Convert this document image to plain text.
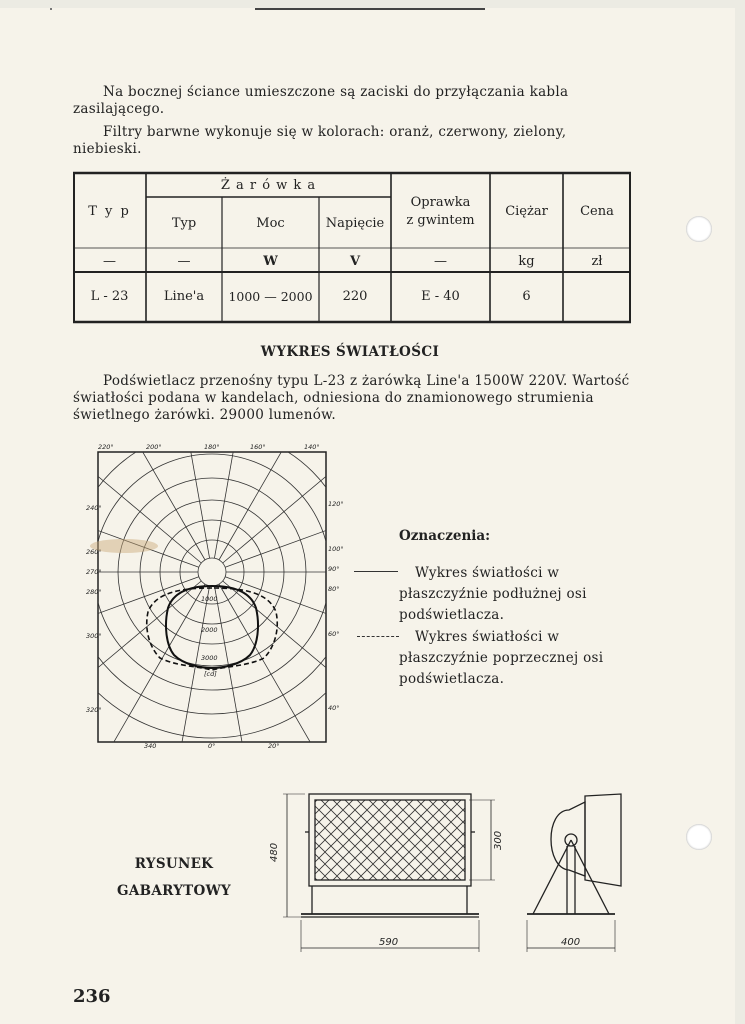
Na bocznej ściance umieszczone są zaciski do przyłączania kabla zasilającego.
Filtry barwne wykonuje się w kolorach: oranż, czerwony, zielony, niebieski.
T y p
Ż a r ó w k a
Typ	Moc	Napięcie
Oprawka
z gwintem
Ciężar	Cena
—	—	W	V	—	kg	zł
L - 23	Line'a	1000 — 2000	220	E - 40	6
WYKRES ŚWIATŁOŚCI
Podświetlacz przenośny typu L-23 z żarówką Line'a 1500W 220V. Wartość światłości podana w kandelach, odniesiona do znamionowego strumienia świetlnego żarówki. 29000 lumenów.
220°	200°	180°	160°	140°
240°
260°
270°
280°
300°
320°
120°
100°
90°
80°
60°
40°
340	0°	20°
1000
2000
3000
[cd]
Oznaczenia:
Wykres światłości w płaszczyźnie podłużnej osi podświetlacza.
Wykres światłości w płaszczyźnie poprzecznej osi podświetlacza.
RYSUNEK
GABARYTOWY
480
300
590	400
236
